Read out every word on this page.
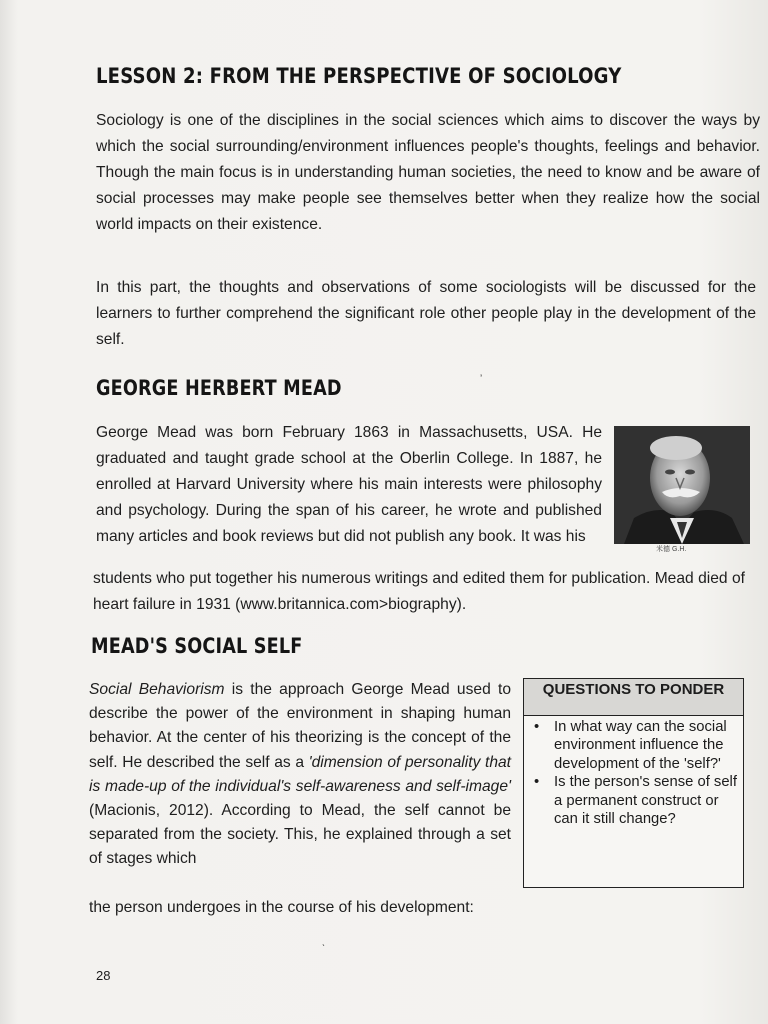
LESSON 2: FROM THE PERSPECTIVE OF SOCIOLOGY
Sociology is one of the disciplines in the social sciences which aims to discover the ways by which the social surrounding/environment influences people's thoughts, feelings and behavior. Though the main focus is in understanding human societies, the need to know and be aware of social processes may make people see themselves better when they realize how the social world impacts on their existence.
In this part, the thoughts and observations of some sociologists will be discussed for the learners to further comprehend the significant role other people play in the development of the self.
GEORGE HERBERT MEAD
George Mead was born February 1863 in Massachusetts, USA. He graduated and taught grade school at the Oberlin College. In 1887, he enrolled at Harvard University where his main interests were philosophy and psychology. During the span of his career, he wrote and published many articles and book reviews but did not publish any book. It was his
米德 G.H.
students who put together his numerous writings and edited them for publication. Mead died of heart failure in 1931 (www.britannica.com>biography).
MEAD'S SOCIAL SELF
Social Behaviorism is the approach George Mead used to describe the power of the environment in shaping human behavior. At the center of his theorizing is the concept of the self. He described the self as a 'dimension of personality that is made-up of the individual's self-awareness and self-image' (Macionis, 2012). According to Mead, the self cannot be separated from the society. This, he explained through a set of stages which
QUESTIONS TO PONDER
• In what way can the social environment influence the development of the 'self?'
• Is the person's sense of self a permanent construct or can it still change?
the person undergoes in the course of his development:
28
ʼ
ˎ
